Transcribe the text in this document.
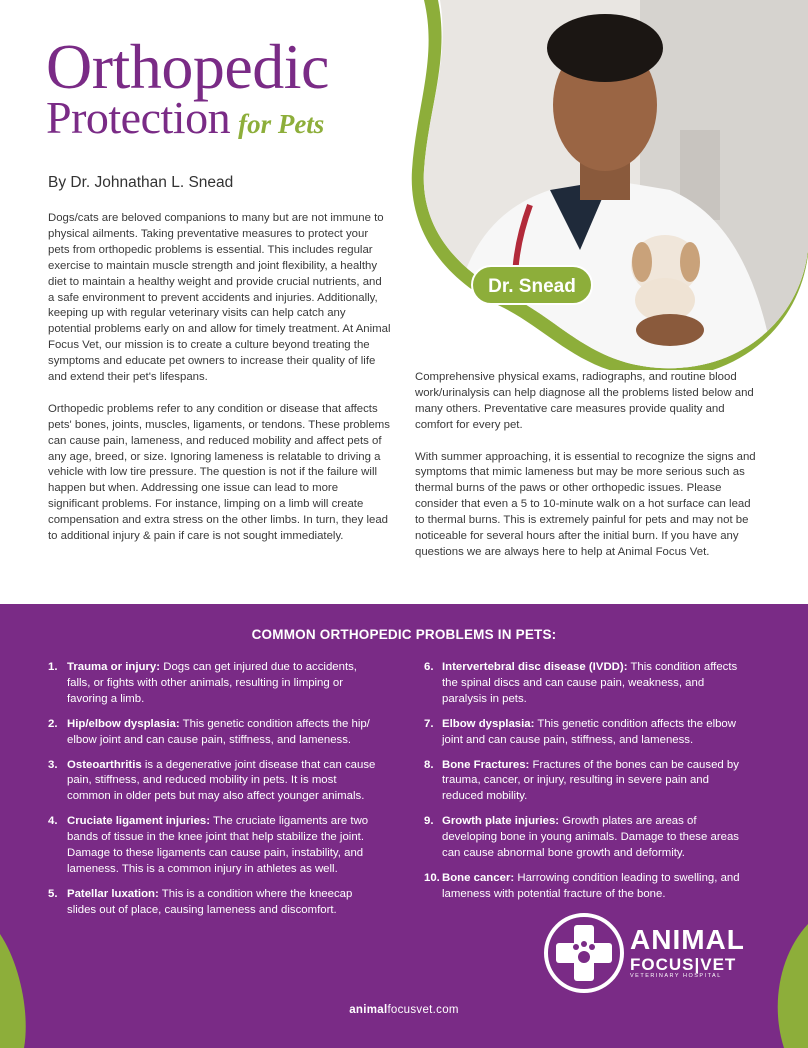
Orthopedic
Protection for Pets
By Dr. Johnathan L. Snead
Dr. Snead

Dogs/cats are beloved companions to many but are not immune to physical ailments. Taking preventative measures to protect your pets from orthopedic problems is essential. This includes regular exercise to maintain muscle strength and joint flexibility, a healthy diet to maintain a healthy weight and provide crucial nutrients, and a safe environment to prevent accidents and injuries. Additionally, keeping up with regular veterinary visits can help catch any potential problems early on and allow for timely treatment. At Animal Focus Vet, our mission is to create a culture beyond treating the symptoms and educate pet owners to increase their quality of life and extend their pet's lifespans.

Orthopedic problems refer to any condition or disease that affects pets' bones, joints, muscles, ligaments, or tendons. These problems can cause pain, lameness, and reduced mobility and affect pets of any age, breed, or size. Ignoring lameness is relatable to driving a vehicle with low tire pressure. The question is not if the failure will happen but when. Addressing one issue can lead to more significant problems. For instance, limping on a limb will create compensation and extra stress on the other limbs. In turn, they lead to additional injury & pain if care is not sought immediately.

Comprehensive physical exams, radiographs, and routine blood work/urinalysis can help diagnose all the problems listed below and many others. Preventative care measures provide quality and comfort for every pet.

With summer approaching, it is essential to recognize the signs and symptoms that mimic lameness but may be more serious such as thermal burns of the paws or other orthopedic issues. Please consider that even a 5 to 10-minute walk on a hot surface can lead to thermal burns. This is extremely painful for pets and may not be noticeable for several hours after the initial burn. If you have any questions we are always here to help at Animal Focus Vet.

COMMON ORTHOPEDIC PROBLEMS IN PETS:
1. Trauma or injury: Dogs can get injured due to accidents, falls, or fights with other animals, resulting in limping or favoring a limb.
2. Hip/elbow dysplasia: This genetic condition affects the hip/ elbow joint and can cause pain, stiffness, and lameness.
3. Osteoarthritis is a degenerative joint disease that can cause pain, stiffness, and reduced mobility in pets. It is most common in older pets but may also affect younger animals.
4. Cruciate ligament injuries: The cruciate ligaments are two bands of tissue in the knee joint that help stabilize the joint. Damage to these ligaments can cause pain, instability, and lameness. This is a common injury in athletes as well.
5. Patellar luxation: This is a condition where the kneecap slides out of place, causing lameness and discomfort.
6. Intervertebral disc disease (IVDD): This condition affects the spinal discs and can cause pain, weakness, and paralysis in pets.
7. Elbow dysplasia: This genetic condition affects the elbow joint and can cause pain, stiffness, and lameness.
8. Bone Fractures: Fractures of the bones can be caused by trauma, cancer, or injury, resulting in severe pain and reduced mobility.
9. Growth plate injuries: Growth plates are areas of developing bone in young animals. Damage to these areas can cause abnormal bone growth and deformity.
10. Bone cancer: Harrowing condition leading to swelling, and lameness with potential fracture of the bone.
ANIMAL
FOCUS|VET
VETERINARY HOSPITAL
animalfocusvet.com
